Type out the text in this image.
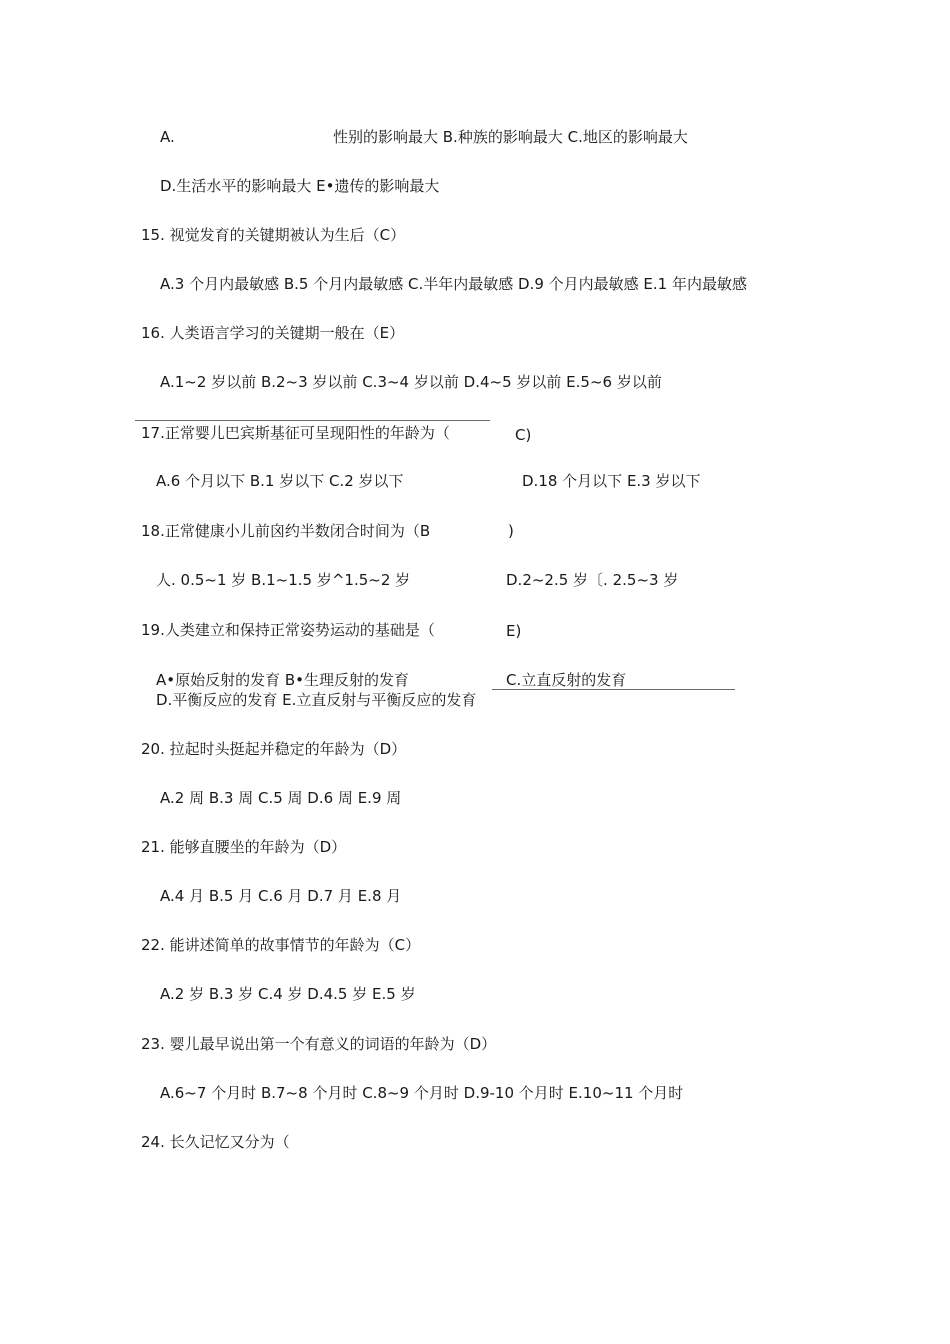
A.	性别的影响最大 B.种族的影响最大 C.地区的影响最大
D.生活水平的影响最大 E•遗传的影响最大
15. 视觉发育的关键期被认为生后（C）
A.3 个月内最敏感 B.5 个月内最敏感 C.半年内最敏感 D.9 个月内最敏感 E.1 年内最敏感
16. 人类语言学习的关键期一般在（E）
A.1~2 岁以前 B.2~3 岁以前 C.3~4 岁以前 D.4~5 岁以前 E.5~6 岁以前
17.正常婴儿巴宾斯基征可呈现阳性的年龄为（	C)
A.6 个月以下 B.1 岁以下 C.2 岁以下	D.18 个月以下 E.3 岁以下
18.正常健康小儿前囟约半数闭合时间为（B	)
人. 0.5~1 岁 B.1~1.5 岁^1.5~2 岁	D.2~2.5 岁〔. 2.5~3 岁
19.人类建立和保持正常姿势运动的基础是（	E)
A•原始反射的发育 B•生理反射的发育	C.立直反射的发育
D.平衡反应的发育 E.立直反射与平衡反应的发育
20. 拉起时头挺起并稳定的年龄为（D）
A.2 周 B.3 周 C.5 周 D.6 周 E.9 周
21. 能够直腰坐的年龄为（D）
A.4 月 B.5 月 C.6 月 D.7 月 E.8 月
22. 能讲述简单的故事情节的年龄为（C）
A.2 岁 B.3 岁 C.4 岁 D.4.5 岁 E.5 岁
23. 婴儿最早说出第一个有意义的词语的年龄为（D）
A.6~7 个月时 B.7~8 个月时 C.8~9 个月时 D.9-10 个月时 E.10~11 个月时
24. 长久记忆又分为（
